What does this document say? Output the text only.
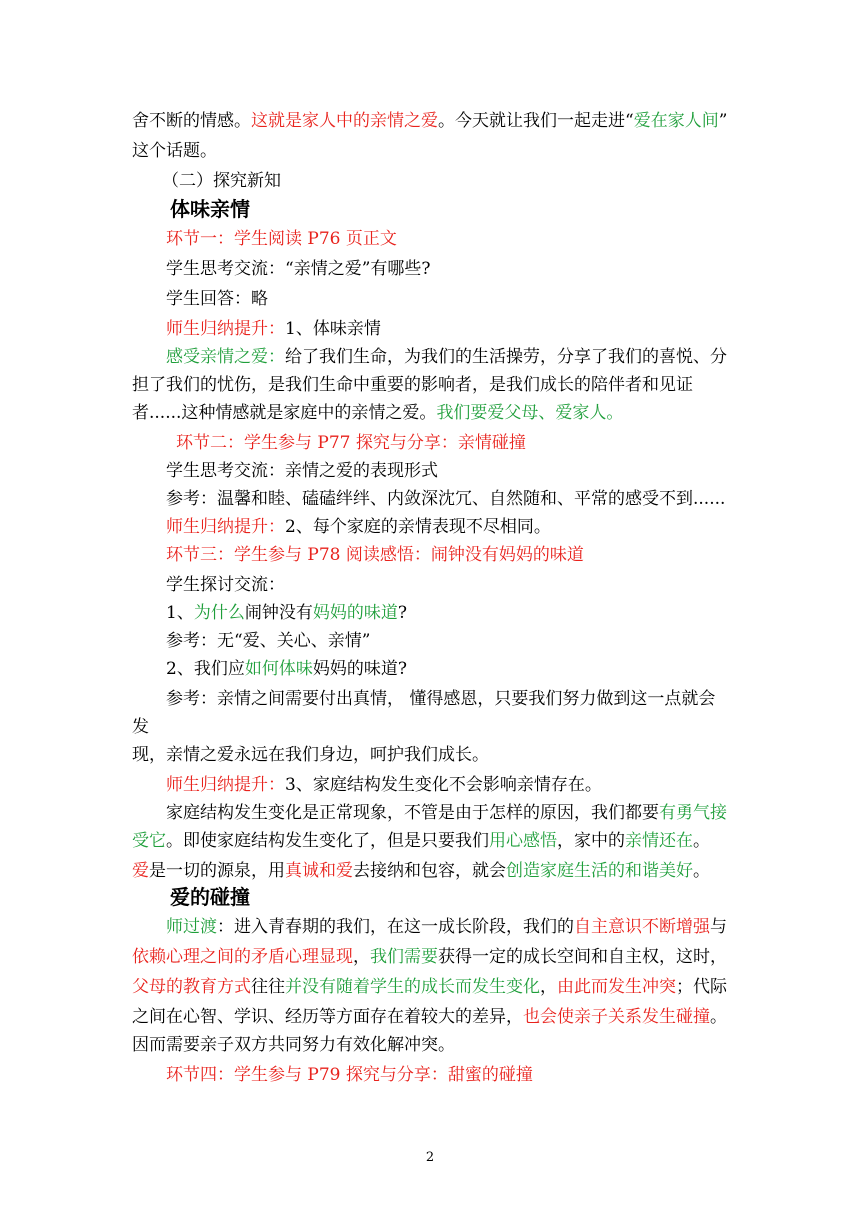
舍不断的情感。这就是家人中的亲情之爱。今天就让我们一起走进“爱在家人间”
这个话题。
（二）探究新知
体味亲情
环节一：学生阅读 P76 页正文
学生思考交流：“亲情之爱”有哪些?
学生回答：略
师生归纳提升：1、体味亲情
感受亲情之爱：给了我们生命，为我们的生活操劳，分享了我们的喜悦、分
担了我们的忧伤，是我们生命中重要的影响者，是我们成长的陪伴者和见证
者......这种情感就是家庭中的亲情之爱。我们要爱父母、爱家人。
环节二：学生参与 P77 探究与分享：亲情碰撞
学生思考交流：亲情之爱的表现形式
参考：温馨和睦、磕磕绊绊、内敛深沈冗、自然随和、平常的感受不到......
师生归纳提升：2、每个家庭的亲情表现不尽相同。
环节三：学生参与 P78 阅读感悟：闹钟没有妈妈的味道
学生探讨交流：
1、为什么闹钟没有妈妈的味道?
参考：无“爱、关心、亲情”
2、我们应如何体味妈妈的味道?
参考：亲情之间需要付出真情， 懂得感恩，只要我们努力做到这一点就会
发
现，亲情之爱永远在我们身边，呵护我们成长。
师生归纳提升：3、家庭结构发生变化不会影响亲情存在。
家庭结构发生变化是正常现象，不管是由于怎样的原因，我们都要有勇气接
受它。即使家庭结构发生变化了，但是只要我们用心感悟，家中的亲情还在。
爱是一切的源泉，用真诚和爱去接纳和包容，就会创造家庭生活的和谐美好。
爱的碰撞
师过渡：进入青春期的我们，在这一成长阶段，我们的自主意识不断增强与
依赖心理之间的矛盾心理显现，我们需要获得一定的成长空间和自主权，这时，
父母的教育方式往往并没有随着学生的成长而发生变化，由此而发生冲突；代际
之间在心智、学识、经历等方面存在着较大的差异，也会使亲子关系发生碰撞。
因而需要亲子双方共同努力有效化解冲突。
环节四：学生参与 P79 探究与分享：甜蜜的碰撞
2
